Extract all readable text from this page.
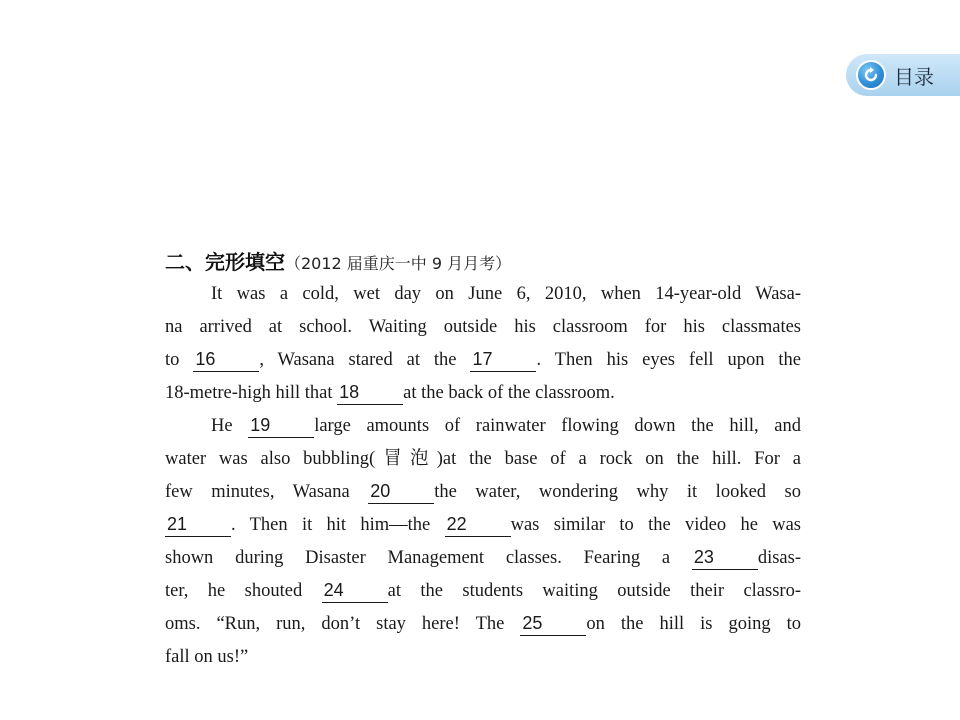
目录
二、完形填空（2012 届重庆一中 9 月月考）
It was a cold, wet day on June 6, 2010, when 14-year-old Wasa-
na arrived at school. Waiting outside his classroom for his classmates
to 16 , Wasana stared at the 17 . Then his eyes fell upon the
18-metre-high hill that 18 at the back of the classroom.
He 19 large amounts of rainwater flowing down the hill, and
water was also bubbling(冒泡)at the base of a rock on the hill. For a
few minutes, Wasana 20 the water, wondering why it looked so
21 . Then it hit him—the 22 was similar to the video he was
shown during Disaster Management classes. Fearing a 23 disas-
ter, he shouted 24 at the students waiting outside their classro-
oms. “Run, run, don’t stay here! The 25 on the hill is going to
fall on us!”
